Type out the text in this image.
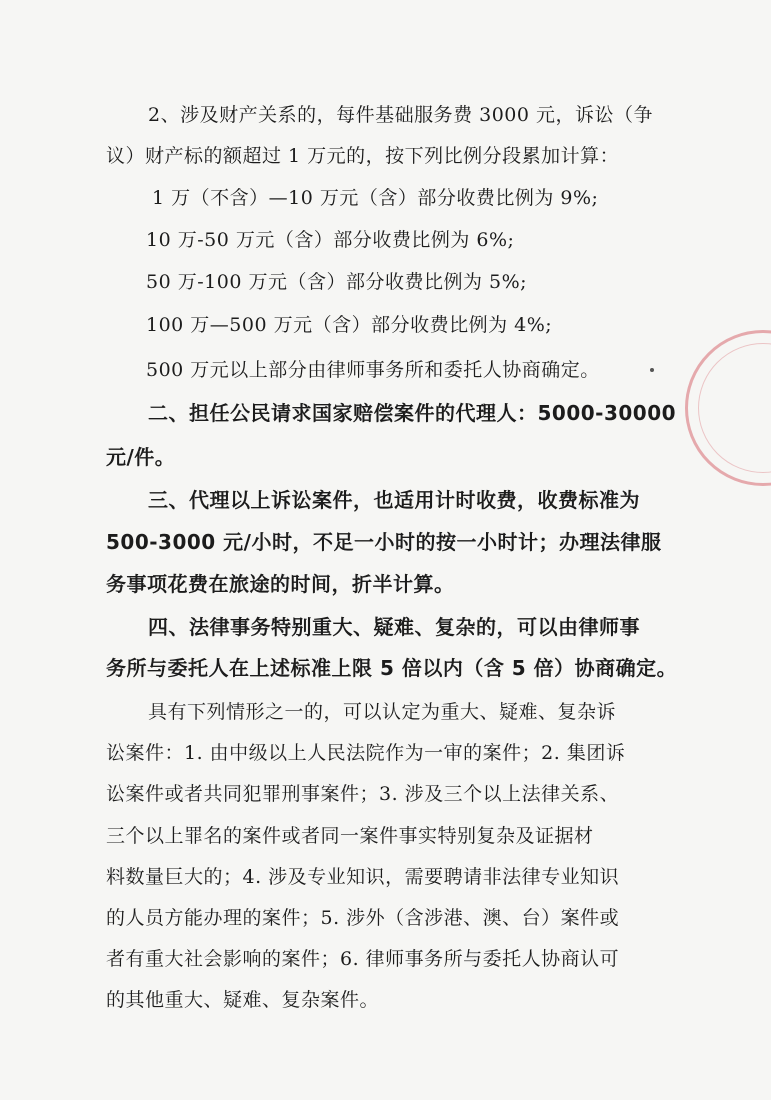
2、涉及财产关系的，每件基础服务费 3000 元，诉讼（争
议）财产标的额超过 1 万元的，按下列比例分段累加计算：
1 万（不含）—10 万元（含）部分收费比例为 9%;
10 万-50 万元（含）部分收费比例为 6%;
50 万-100 万元（含）部分收费比例为 5%;
100 万—500 万元（含）部分收费比例为 4%;
500 万元以上部分由律师事务所和委托人协商确定。
二、担任公民请求国家赔偿案件的代理人：5000-30000
元/件。
三、代理以上诉讼案件，也适用计时收费，收费标准为
500-3000 元/小时，不足一小时的按一小时计；办理法律服
务事项花费在旅途的时间，折半计算。
四、法律事务特别重大、疑难、复杂的，可以由律师事
务所与委托人在上述标准上限 5 倍以内（含 5 倍）协商确定。
具有下列情形之一的，可以认定为重大、疑难、复杂诉
讼案件：1. 由中级以上人民法院作为一审的案件；2. 集团诉
讼案件或者共同犯罪刑事案件；3. 涉及三个以上法律关系、
三个以上罪名的案件或者同一案件事实特别复杂及证据材
料数量巨大的；4. 涉及专业知识，需要聘请非法律专业知识
的人员方能办理的案件；5. 涉外（含涉港、澳、台）案件或
者有重大社会影响的案件；6. 律师事务所与委托人协商认可
的其他重大、疑难、复杂案件。
